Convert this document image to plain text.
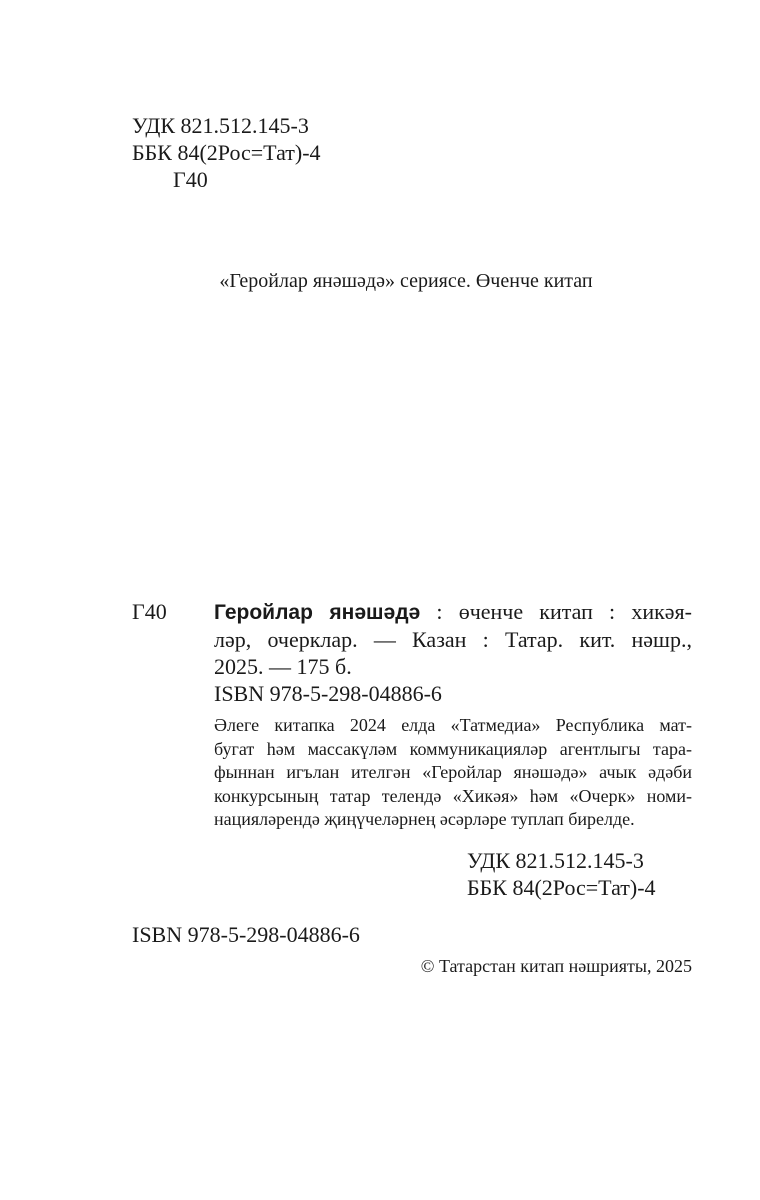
УДК 821.512.145-3
ББК 84(2Рос=Тат)-4
Г40
«Геройлар янәшәдә» сериясе. Өченче китап
Г40 Геройлар янәшәдә : өченче китап : хикәя-
ләр, очерклар. — Казан : Татар. кит. нәшр.,
2025. — 175 б.
ISBN 978-5-298-04886-6
Әлеге китапка 2024 елда «Татмедиа» Республика мат-
бугат һәм массакүләм коммуникацияләр агентлыгы тара-
фыннан игълан ителгән «Геройлар янәшәдә» ачык әдәби
конкурсының татар телендә «Хикәя» һәм «Очерк» номи-
нацияләрендә җиңүчеләрнең әсәрләре туплап бирелде.
УДК 821.512.145-3
ББК 84(2Рос=Тат)-4
ISBN 978-5-298-04886-6
© Татарстан китап нәшрияты, 2025
